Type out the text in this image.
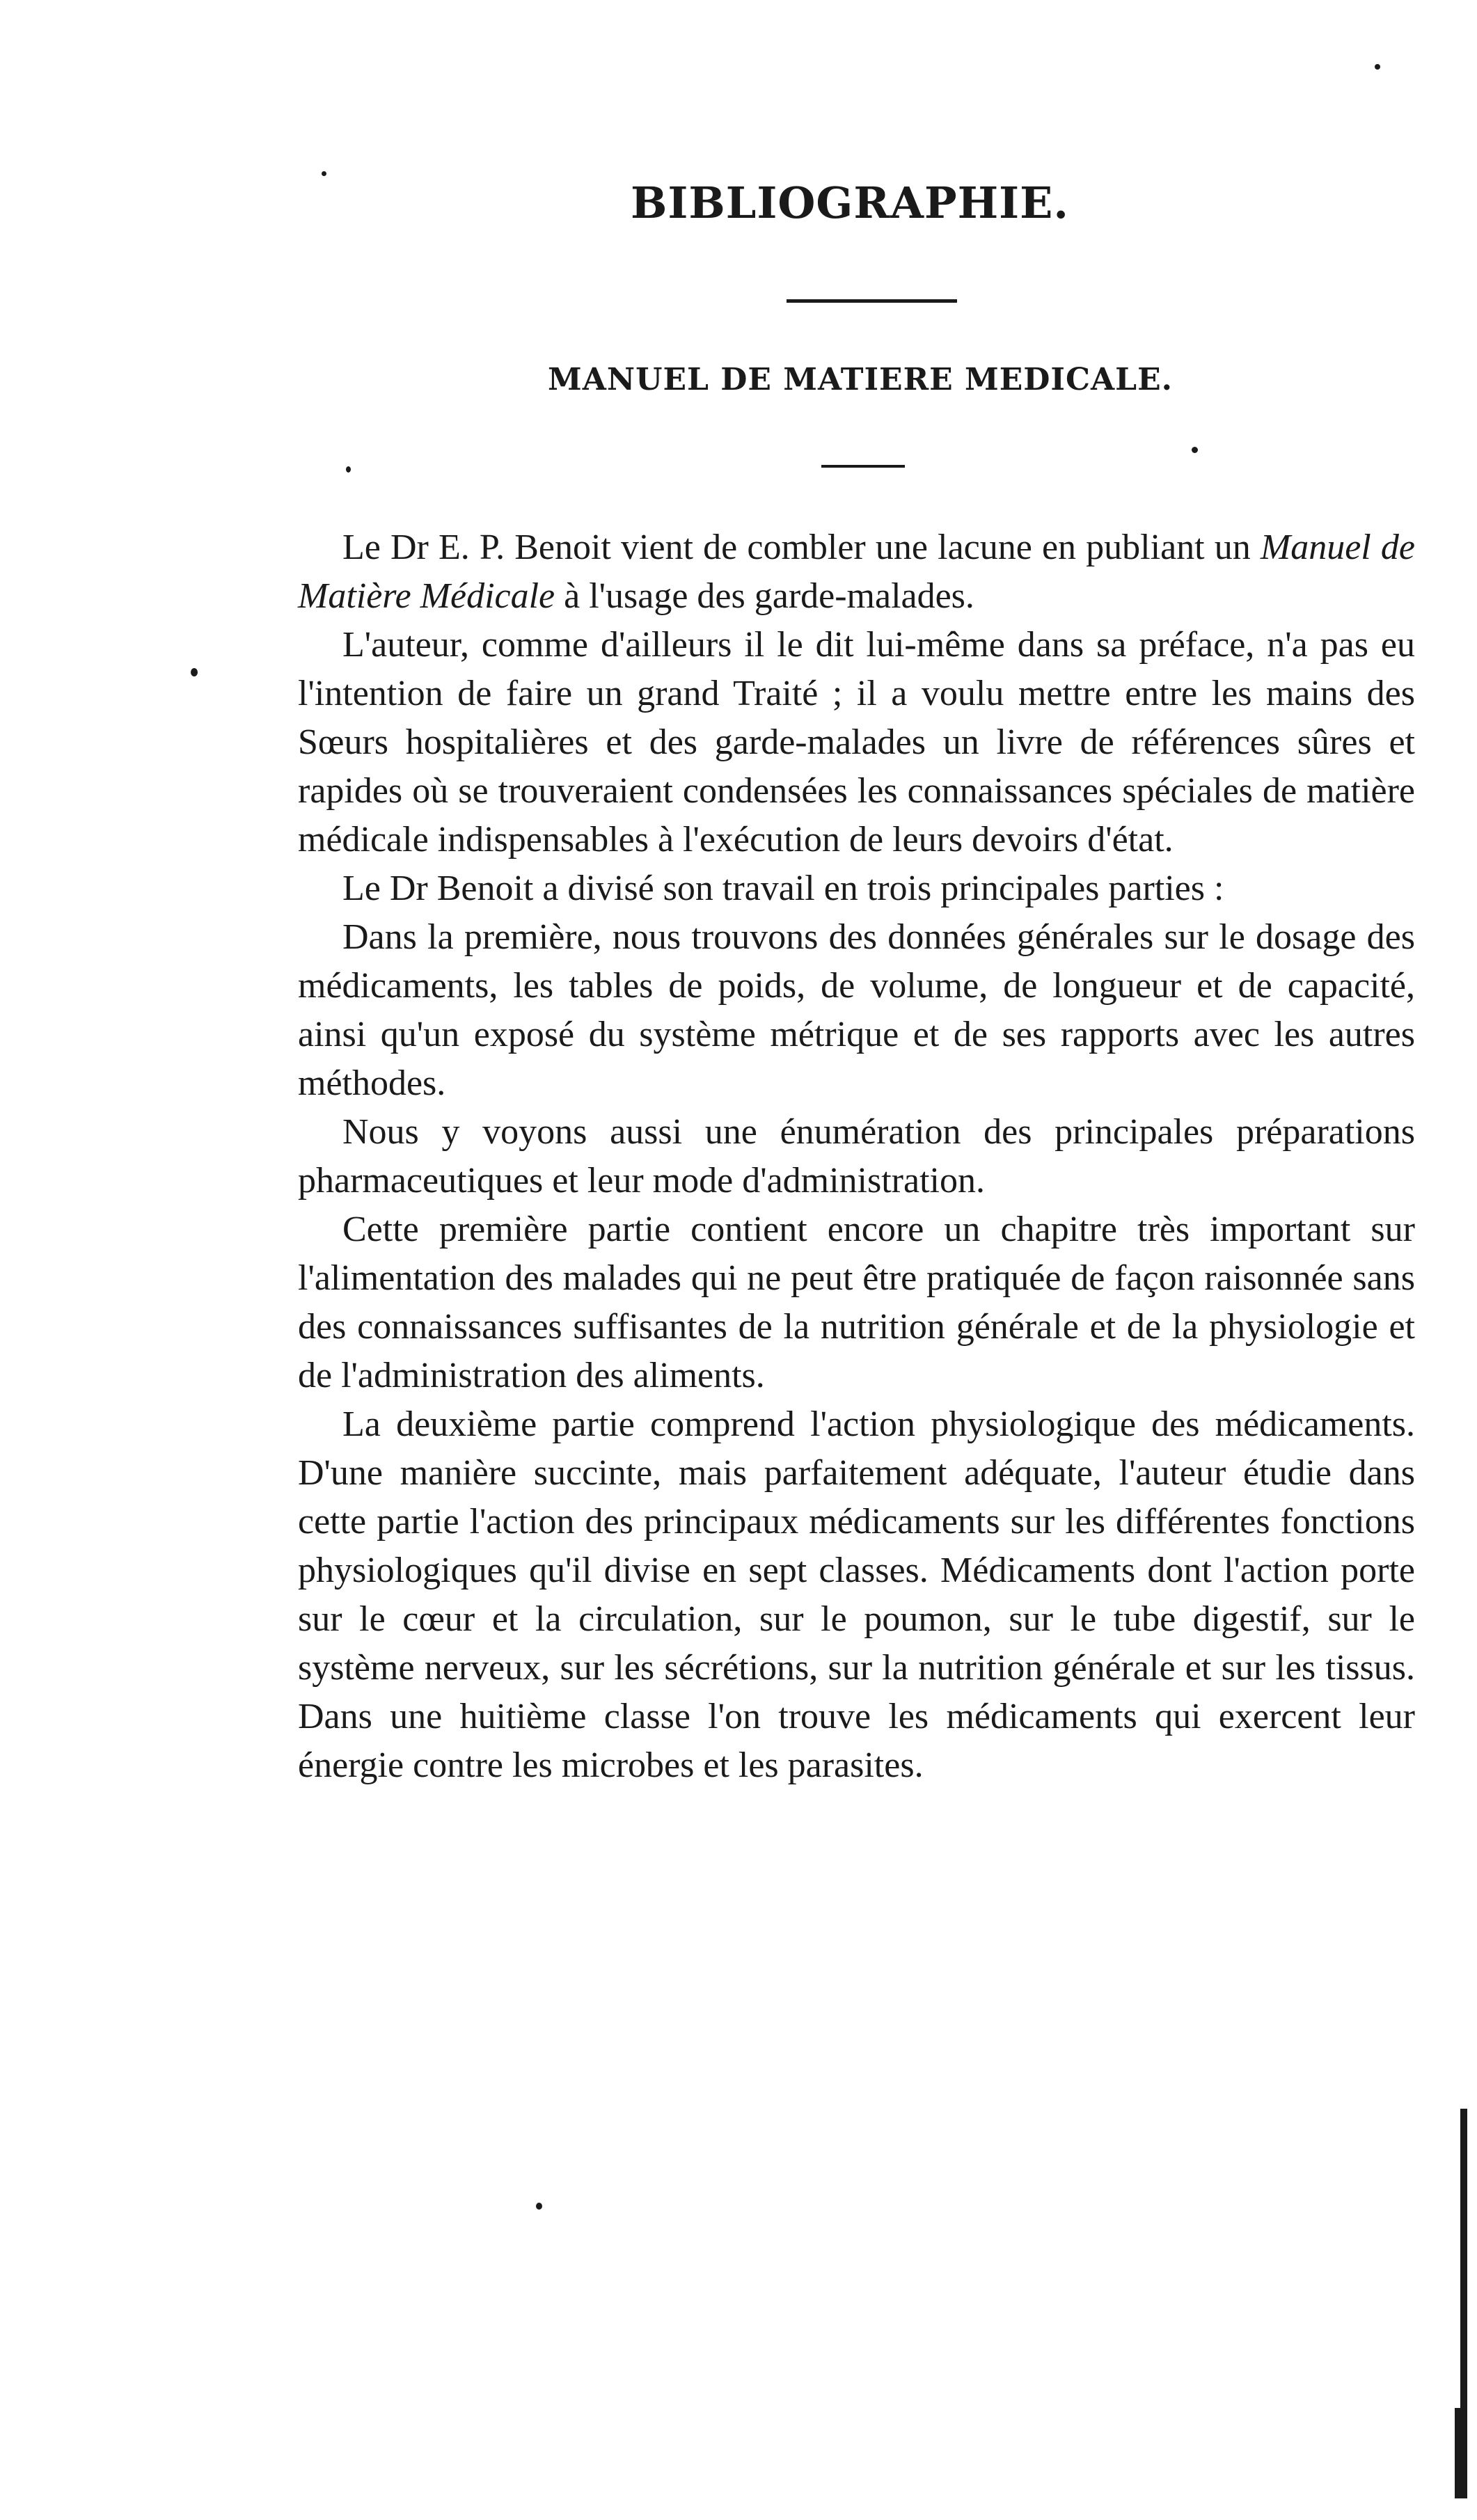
BIBLIOGRAPHIE.
MANUEL DE MATIERE MEDICALE.

Le Dr E. P. Benoit vient de combler une lacune en publiant un Manuel de Matière Médicale à l'usage des garde-malades.

L'auteur, comme d'ailleurs il le dit lui-même dans sa préface, n'a pas eu l'intention de faire un grand Traité ; il a voulu mettre entre les mains des Sœurs hospitalières et des garde-malades un livre de références sûres et rapides où se trouveraient condensées les connaissances spéciales de matière médicale indispensables à l'exécution de leurs devoirs d'état.

Le Dr Benoit a divisé son travail en trois principales parties :

Dans la première, nous trouvons des données générales sur le dosage des médicaments, les tables de poids, de volume, de longueur et de capacité, ainsi qu'un exposé du système métrique et de ses rapports avec les autres méthodes.

Nous y voyons aussi une énumération des principales préparations pharmaceutiques et leur mode d'administration.

Cette première partie contient encore un chapitre très important sur l'alimentation des malades qui ne peut être pratiquée de façon raisonnée sans des connaissances suffisantes de la nutrition générale et de la physiologie et de l'administration des aliments.

La deuxième partie comprend l'action physiologique des médicaments. D'une manière succinte, mais parfaitement adéquate, l'auteur étudie dans cette partie l'action des principaux médicaments sur les différentes fonctions physiologiques qu'il divise en sept classes. Médicaments dont l'action porte sur le cœur et la circulation, sur le poumon, sur le tube digestif, sur le système nerveux, sur les sécrétions, sur la nutrition générale et sur les tissus. Dans une huitième classe l'on trouve les médicaments qui exercent leur énergie contre les microbes et les parasites.
